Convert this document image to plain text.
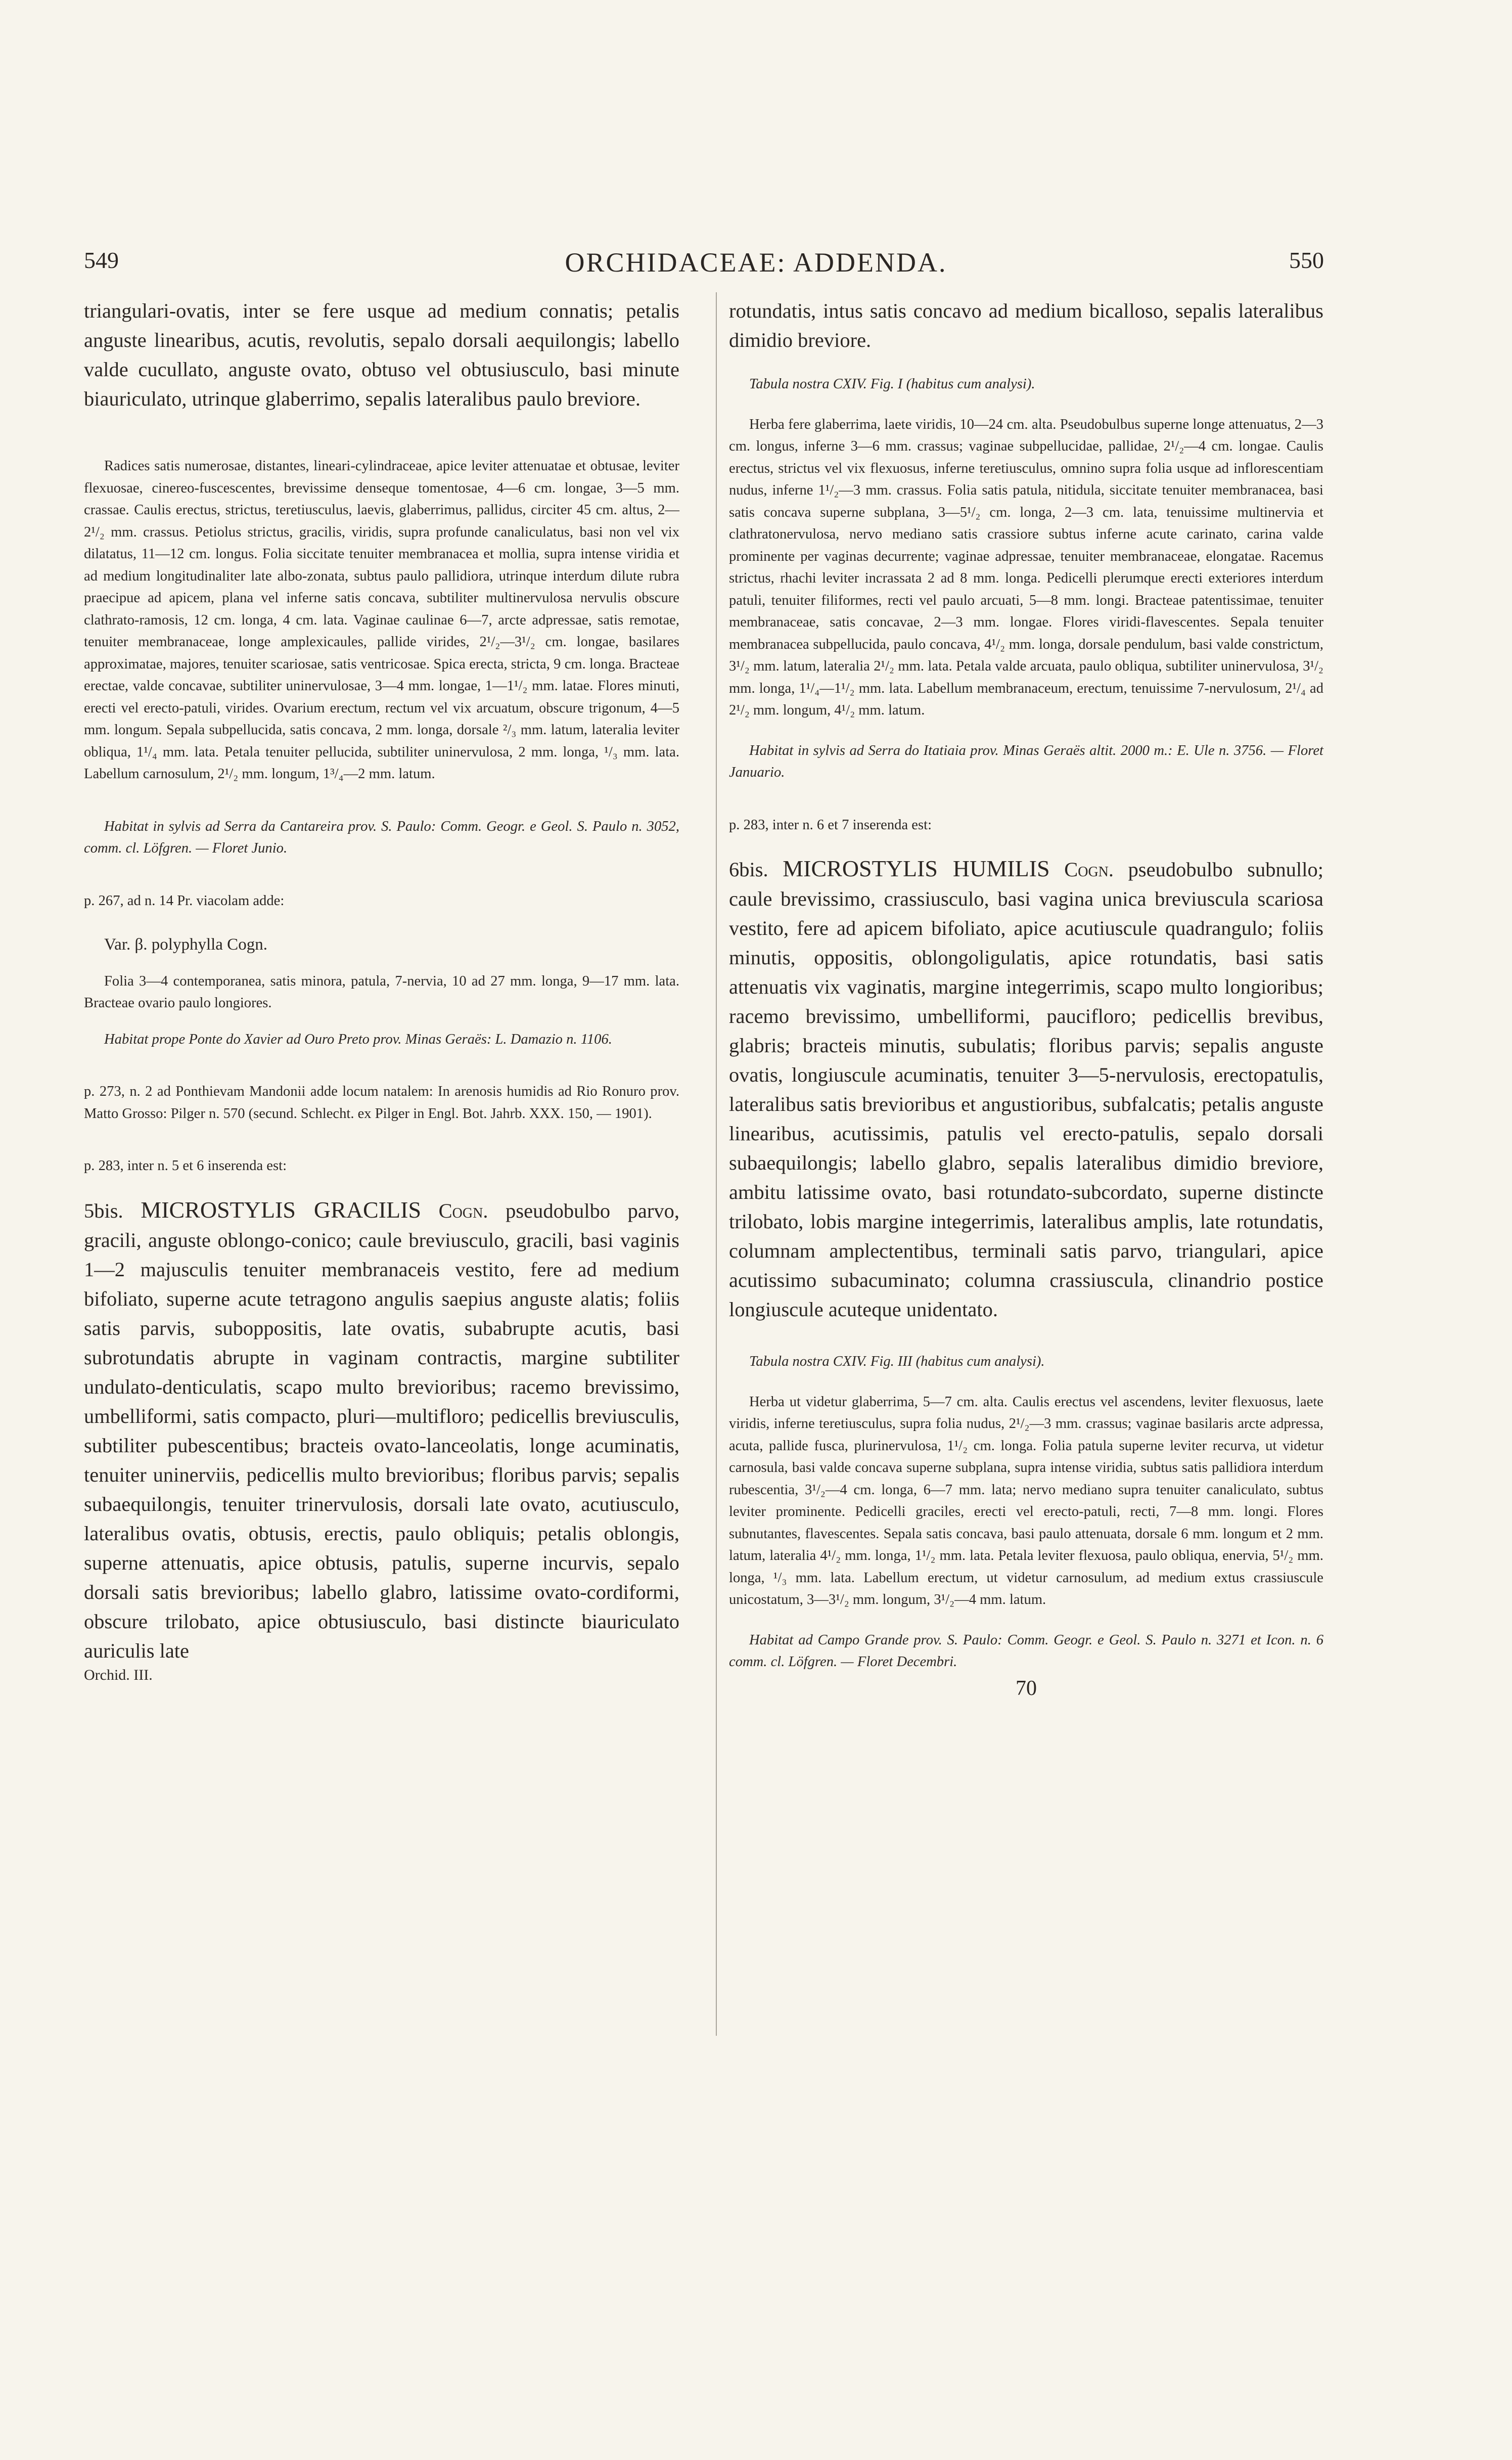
549	ORCHIDACEAE: ADDENDA.	550

triangulari-ovatis, inter se fere usque ad medium connatis; petalis anguste linearibus, acutis, revolutis, sepalo dorsali aequilongis; labello valde cucullato, anguste ovato, obtuso vel obtusiusculo, basi minute biauriculato, utrinque glaberrimo, sepalis lateralibus paulo breviore.

Radices satis numerosae, distantes, lineari-cylindraceae, apice leviter attenuatae et obtusae, leviter flexuosae, cinereo-fuscescentes, brevissime denseque tomentosae, 4—6 cm. longae, 3—5 mm. crassae. Caulis erectus, strictus, teretiusculus, laevis, glaberrimus, pallidus, circiter 45 cm. altus, 2—2¹/₂ mm. crassus. Petiolus strictus, gracilis, viridis, supra profunde canaliculatus, basi non vel vix dilatatus, 11—12 cm. longus. Folia siccitate tenuiter membranacea et mollia, supra intense viridia et ad medium longitudinaliter late albo-zonata, subtus paulo pallidiora, utrinque interdum dilute rubra praecipue ad apicem, plana vel inferne satis concava, subtiliter multinervulosa nervulis obscure clathrato-ramosis, 12 cm. longa, 4 cm. lata. Vaginae caulinae 6—7, arcte adpressae, satis remotae, tenuiter membranaceae, longe amplexicaules, pallide virides, 2¹/₂—3¹/₂ cm. longae, basilares approximatae, majores, tenuiter scariosae, satis ventricosae. Spica erecta, stricta, 9 cm. longa. Bracteae erectae, valde concavae, subtiliter uninervulosae, 3—4 mm. longae, 1—1¹/₂ mm. latae. Flores minuti, erecti vel erecto-patuli, virides. Ovarium erectum, rectum vel vix arcuatum, obscure trigonum, 4—5 mm. longum. Sepala subpellucida, satis concava, 2 mm. longa, dorsale ²/₃ mm. latum, lateralia leviter obliqua, 1¹/₄ mm. lata. Petala tenuiter pellucida, subtiliter uninervulosa, 2 mm. longa, ¹/₃ mm. lata. Labellum carnosulum, 2¹/₂ mm. longum, 1³/₄—2 mm. latum.

Habitat in sylvis ad Serra da Cantareira prov. S. Paulo: Comm. Geogr. e Geol. S. Paulo n. 3052, comm. cl. Löfgren. — Floret Junio.

p. 267, ad n. 14 Pr. viacolam adde:

Var. β. polyphylla Cogn.

Folia 3—4 contemporanea, satis minora, patula, 7-nervia, 10 ad 27 mm. longa, 9—17 mm. lata. Bracteae ovario paulo longiores.

Habitat prope Ponte do Xavier ad Ouro Preto prov. Minas Geraës: L. Damazio n. 1106.

p. 273, n. 2 ad Ponthievam Mandonii adde locum natalem: In arenosis humidis ad Rio Ronuro prov. Matto Grosso: Pilger n. 570 (secund. Schlecht. ex Pilger in Engl. Bot. Jahrb. XXX. 150, — 1901).

p. 283, inter n. 5 et 6 inserenda est:

5bis. MICROSTYLIS GRACILIS Cogn. pseudobulbo parvo, gracili, anguste oblongo-conico; caule breviusculo, gracili, basi vaginis 1—2 majusculis tenuiter membranaceis vestito, fere ad medium bifoliato, superne acute tetragono angulis saepius anguste alatis; foliis satis parvis, suboppositis, late ovatis, subabrupte acutis, basi subrotundatis abrupte in vaginam contractis, margine subtiliter undulato-denticulatis, scapo multo brevioribus; racemo brevissimo, umbelliformi, satis compacto, pluri—multifloro; pedicellis breviusculis, subtiliter pubescentibus; bracteis ovato-lanceolatis, longe acuminatis, tenuiter uninerviis, pedicellis multo brevioribus; floribus parvis; sepalis subaequilongis, tenuiter trinervulosis, dorsali late ovato, acutiusculo, lateralibus ovatis, obtusis, erectis, paulo obliquis; petalis oblongis, superne attenuatis, apice obtusis, patulis, superne incurvis, sepalo dorsali satis brevioribus; labello glabro, latissime ovato-cordiformi, obscure trilobato, apice obtusiusculo, basi distincte biauriculato auriculis late

Orchid. III.

rotundatis, intus satis concavo ad medium bicalloso, sepalis lateralibus dimidio breviore.

Tabula nostra CXIV. Fig. I (habitus cum analysi).

Herba fere glaberrima, laete viridis, 10—24 cm. alta. Pseudobulbus superne longe attenuatus, 2—3 cm. longus, inferne 3—6 mm. crassus; vaginae subpellucidae, pallidae, 2¹/₂—4 cm. longae. Caulis erectus, strictus vel vix flexuosus, inferne teretiusculus, omnino supra folia usque ad inflorescentiam nudus, inferne 1¹/₂—3 mm. crassus. Folia satis patula, nitidula, siccitate tenuiter membranacea, basi satis concava superne subplana, 3—5¹/₂ cm. longa, 2—3 cm. lata, tenuissime multinervia et clathratonervulosa, nervo mediano satis crassiore subtus inferne acute carinato, carina valde prominente per vaginas decurrente; vaginae adpressae, tenuiter membranaceae, elongatae. Racemus strictus, rhachi leviter incrassata 2 ad 8 mm. longa. Pedicelli plerumque erecti exteriores interdum patuli, tenuiter filiformes, recti vel paulo arcuati, 5—8 mm. longi. Bracteae patentissimae, tenuiter membranaceae, satis concavae, 2—3 mm. longae. Flores viridi-flavescentes. Sepala tenuiter membranacea subpellucida, paulo concava, 4¹/₂ mm. longa, dorsale pendulum, basi valde constrictum, 3¹/₂ mm. latum, lateralia 2¹/₂ mm. lata. Petala valde arcuata, paulo obliqua, subtiliter uninervulosa, 3¹/₂ mm. longa, 1¹/₄—1¹/₂ mm. lata. Labellum membranaceum, erectum, tenuissime 7-nervulosum, 2¹/₄ ad 2¹/₂ mm. longum, 4¹/₂ mm. latum.

Habitat in sylvis ad Serra do Itatiaia prov. Minas Geraës altit. 2000 m.: E. Ule n. 3756. — Floret Januario.

p. 283, inter n. 6 et 7 inserenda est:

6bis. MICROSTYLIS HUMILIS Cogn. pseudobulbo subnullo; caule brevissimo, crassiusculo, basi vagina unica breviuscula scariosa vestito, fere ad apicem bifoliato, apice acutiuscule quadrangulo; foliis minutis, oppositis, oblongoligulatis, apice rotundatis, basi satis attenuatis vix vaginatis, margine integerrimis, scapo multo longioribus; racemo brevissimo, umbelliformi, paucifloro; pedicellis brevibus, glabris; bracteis minutis, subulatis; floribus parvis; sepalis anguste ovatis, longiuscule acuminatis, tenuiter 3—5-nervulosis, erectopatulis, lateralibus satis brevioribus et angustioribus, subfalcatis; petalis anguste linearibus, acutissimis, patulis vel erecto-patulis, sepalo dorsali subaequilongis; labello glabro, sepalis lateralibus dimidio breviore, ambitu latissime ovato, basi rotundato-subcordato, superne distincte trilobato, lobis margine integerrimis, lateralibus amplis, late rotundatis, columnam amplectentibus, terminali satis parvo, triangulari, apice acutissimo subacuminato; columna crassiuscula, clinandrio postice longiuscule acuteque unidentato.

Tabula nostra CXIV. Fig. III (habitus cum analysi).

Herba ut videtur glaberrima, 5—7 cm. alta. Caulis erectus vel ascendens, leviter flexuosus, laete viridis, inferne teretiusculus, supra folia nudus, 2¹/₂—3 mm. crassus; vaginae basilaris arcte adpressa, acuta, pallide fusca, plurinervulosa, 1¹/₂ cm. longa. Folia patula superne leviter recurva, ut videtur carnosula, basi valde concava superne subplana, supra intense viridia, subtus satis pallidiora interdum rubescentia, 3¹/₂—4 cm. longa, 6—7 mm. lata; nervo mediano supra tenuiter canaliculato, subtus leviter prominente. Pedicelli graciles, erecti vel erecto-patuli, recti, 7—8 mm. longi. Flores subnutantes, flavescentes. Sepala satis concava, basi paulo attenuata, dorsale 6 mm. longum et 2 mm. latum, lateralia 4¹/₂ mm. longa, 1¹/₂ mm. lata. Petala leviter flexuosa, paulo obliqua, enervia, 5¹/₂ mm. longa, ¹/₃ mm. lata. Labellum erectum, ut videtur carnosulum, ad medium extus crassiuscule unicostatum, 3—3¹/₂ mm. longum, 3¹/₂—4 mm. latum.

Habitat ad Campo Grande prov. S. Paulo: Comm. Geogr. e Geol. S. Paulo n. 3271 et Icon. n. 6 comm. cl. Löfgren. — Floret Decembri.

70
